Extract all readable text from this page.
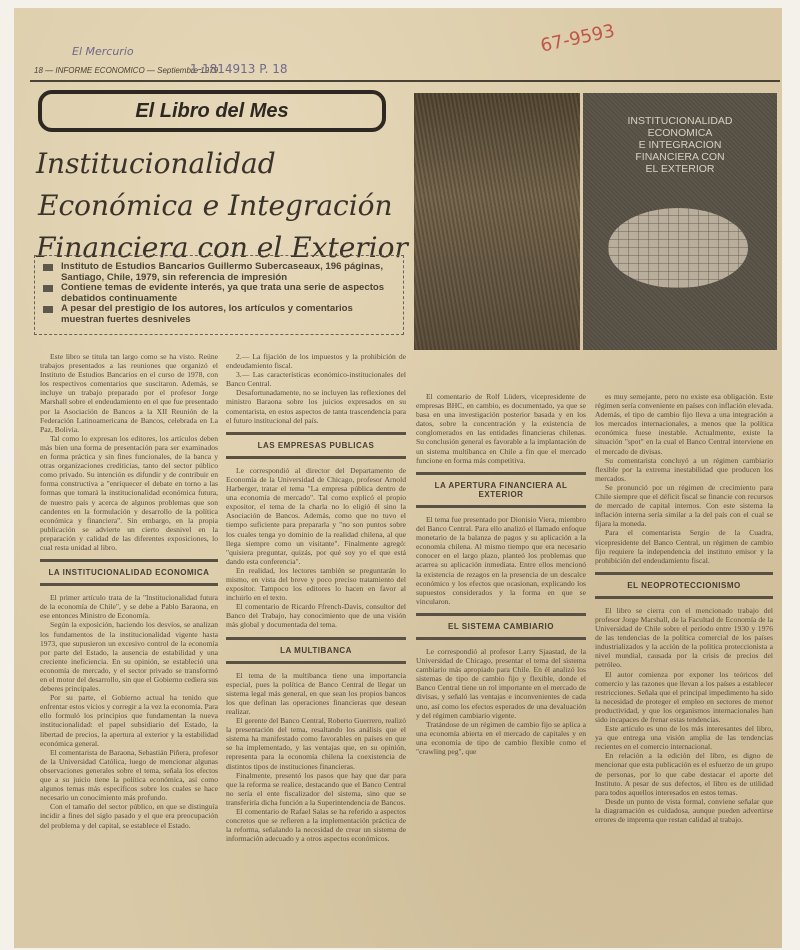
El Mercurio	67-9593
18 — INFORME ECONOMICO — Septiembre 1979
1-1814913 P. 18
El Libro del Mes
Institucionalidad
Económica e Integración
Financiera con el Exterior
Instituto de Estudios Bancarios Guillermo Subercaseaux, 196 páginas, Santiago, Chile, 1979, sin referencia de impresión
Contiene temas de evidente interés, ya que trata una serie de aspectos debatidos continuamente
A pesar del prestigio de los autores, los artículos y comentarios muestran fuertes desniveles
INSTITUCIONALIDAD
ECONOMICA
E INTEGRACION
FINANCIERA CON
EL EXTERIOR

Este libro se titula tan largo como se ha visto. Reúne trabajos presentados a las reuniones que organizó el Instituto de Estudios Bancarios en el curso de 1978, con los respectivos comentarios que suscitaron. Además, se incluye un trabajo preparado por el profesor Jorge Marshall sobre el endeudamiento en el que fue presentado por la Asociación de Bancos a la XII Reunión de la Federación Latinoamericana de Bancos, celebrada en La Paz, Bolivia.

Tal como lo expresan los editores, los artículos deben más bien una forma de presentación para ser examinados en forma práctica y sin fines funcionales, de la banca y otras organizaciones crediticias, tanto del sector público como privado. Su intención es difundir y de contribuir en forma constructiva a "enriquecer el debate en torno a las formas que tomará la institucionalidad económica futura, de nuestro país y acerca de algunos problemas que son candentes en la formulación y desarrollo de la política económica y financiera". Sin embargo, en la propia publicación se advierte un cierto desnivel en la preparación y calidad de las diferentes exposiciones, lo cual resta unidad al libro.

LA INSTITUCIONALIDAD ECONOMICA

El primer artículo trata de la "Institucionalidad futura de la economía de Chile", y se debe a Pablo Baraona, en ese entonces Ministro de Economía.

Según la exposición, haciendo los desvíos, se analizan los fundamentos de la institucionalidad vigente hasta 1973, que supusieron un excesivo control de la economía por parte del Estado, la ausencia de estabilidad y una creciente ineficiencia. En su opinión, se estableció una economía de mercado, y el sector privado se transformó en el motor del desarrollo, sin que el Gobierno cediera sus deberes principales.

Por su parte, el Gobierno actual ha tenido que enfrentar estos vicios y corregir a la vez la economía. Para ello formuló los principios que fundamentan la nueva institucionalidad: el papel subsidiario del Estado, la libertad de precios, la apertura al exterior y la estabilidad económica general.

El comentarista de Baraona, Sebastián Piñera, profesor de la Universidad Católica, luego de mencionar algunas observaciones generales sobre el tema, señala los efectos que a su juicio tiene la política económica, así como algunos temas más específicos sobre los cuales se hace necesario un conocimiento más profundo.

Con el tamaño del sector público, en que se distinguía incidir a fines del siglo pasado y el que era preocupación del problema y del capital, se establece el Estado.

2.— La fijación de los impuestos y la prohibición de endeudamiento fiscal.

3.— Las características económico-institucionales del Banco Central.

Desafortunadamente, no se incluyen las reflexiones del ministro Baraona sobre los juicios expresados en su comentarista, en estos aspectos de tanta trascendencia para el futuro institucional del país.

LAS EMPRESAS PUBLICAS

Le correspondió al director del Departamento de Economía de la Universidad de Chicago, profesor Arnold Harberger, tratar el tema "La empresa pública dentro de una economía de mercado". Tal como explicó el propio expositor, el tema de la charla no lo eligió él sino la Asociación de Bancos. Además, como que no tuvo el tiempo suficiente para prepararla y "no son puntos sobre los cuales tenga yo dominio de la realidad chilena, al que llega siempre como un visitante". Finalmente agregó: "quisiera preguntar, quizás, por qué soy yo el que está dando esta conferencia".

En realidad, los lectores también se preguntarán lo mismo, en vista del breve y poco preciso tratamiento del expositor. Tampoco los editores lo hacen en favor al incluirlo en el texto.

El comentario de Ricardo Ffrench-Davis, consultor del Banco del Trabajo, hay conocimiento que de una visión más global y documentada del tema.

LA MULTIBANCA

El tema de la multibanca tiene una importancia especial, pues la política de Banco Central de llegar un sistema legal más general, en que sean los propios bancos los que definan las operaciones financieras que desean realizar.

El gerente del Banco Central, Roberto Guerrero, realizó la presentación del tema, resaltando los análisis que el sistema ha manifestado como favorables en países en que se ha implementado, y las ventajas que, en su opinión, representa para la economía chilena la coexistencia de distintos tipos de instituciones financieras.

Finalmente, presentó los pasos que hay que dar para que la reforma se realice, destacando que el Banco Central no sería el ente fiscalizador del sistema, sino que se transferiría dicha función a la Superintendencia de Bancos.

El comentario de Rafael Salas se ha referido a aspectos concretos que se refieren a la implementación práctica de la reforma, señalando la necesidad de crear un sistema de información adecuado y a otros aspectos económicos.

El comentario de Rolf Lüders, vicepresidente de empresas BHC, en cambio, es documentado, ya que se basa en una investigación posterior basada y en los datos, sobre la concentración y la existencia de conglomerados en las entidades financieras chilenas. Su conclusión general es favorable a la implantación de un sistema multibanca en Chile a fin que el mercado funcione en forma más competitiva.

LA APERTURA FINANCIERA AL EXTERIOR

El tema fue presentado por Dionisio Viera, miembro del Banco Central. Para ello analizó el llamado enfoque monetario de la balanza de pagos y su aplicación a la economía chilena. Al mismo tiempo que era necesario conocer en el largo plazo, planteó los problemas que acarrea su aplicación inmediata. Entre ellos mencionó la existencia de rezagos en la presencia de un descalce económico y los efectos que ocasionan, explicando los supuestos considerados y la forma en que se vincularon.

EL SISTEMA CAMBIARIO

Le correspondió al profesor Larry Sjaastad, de la Universidad de Chicago, presentar el tema del sistema cambiario más apropiado para Chile. En él analizó los sistemas de tipo de cambio fijo y flexible, donde el Banco Central tiene un rol importante en el mercado de divisas, y señaló las ventajas e inconvenientes de cada uno, así como los efectos esperados de una devaluación y del régimen cambiario vigente.

Tratándose de un régimen de cambio fijo se aplica a una economía abierta en el mercado de capitales y en una economía de tipo de cambio flexible como el "crawling peg", que

es muy semejante, pero no existe esa obligación. Este régimen sería conveniente en países con inflación elevada. Además, el tipo de cambio fijo lleva a una integración a los mercados internacionales, a menos que la política económica fuese inestable. Actualmente, existe la situación "spot" en la cual el Banco Central interviene en el mercado de divisas.

Su comentarista concluyó a un régimen cambiario flexible por la extrema inestabilidad que producen los mercados.

Se pronunció por un régimen de crecimiento para Chile siempre que el déficit fiscal se financie con recursos de mercado de capital internos. Con este sistema la inflación interna sería similar a la del país con el cual se fijara la moneda.

Para el comentarista Sergio de la Cuadra, vicepresidente del Banco Central, un régimen de cambio fijo requiere la independencia del instituto emisor y la prohibición del endeudamiento fiscal.

EL NEOPROTECCIONISMO

El libro se cierra con el mencionado trabajo del profesor Jorge Marshall, de la Facultad de Economía de la Universidad de Chile sobre el período entre 1930 y 1976 de las tendencias de la política comercial de los países industrializados y la acción de la política proteccionista a nivel mundial, causada por la crisis de precios del petróleo.

El autor comienza por exponer los teóricos del comercio y las razones que llevan a los países a establecer restricciones. Señala que el principal impedimento ha sido la necesidad de proteger el empleo en sectores de menor productividad, y que los organismos internacionales han sido incapaces de frenar estas tendencias.

Este artículo es uno de los más interesantes del libro, ya que entrega una visión amplia de las tendencias recientes en el comercio internacional.

En relación a la edición del libro, es digno de mencionar que esta publicación es el esfuerzo de un grupo de personas, por lo que cabe destacar el aporte del Instituto. A pesar de sus defectos, el libro es de utilidad para todos aquellos interesados en estos temas.

Desde un punto de vista formal, conviene señalar que la diagramación es cuidadosa, aunque pueden advertirse errores de imprenta que restan calidad al trabajo.
